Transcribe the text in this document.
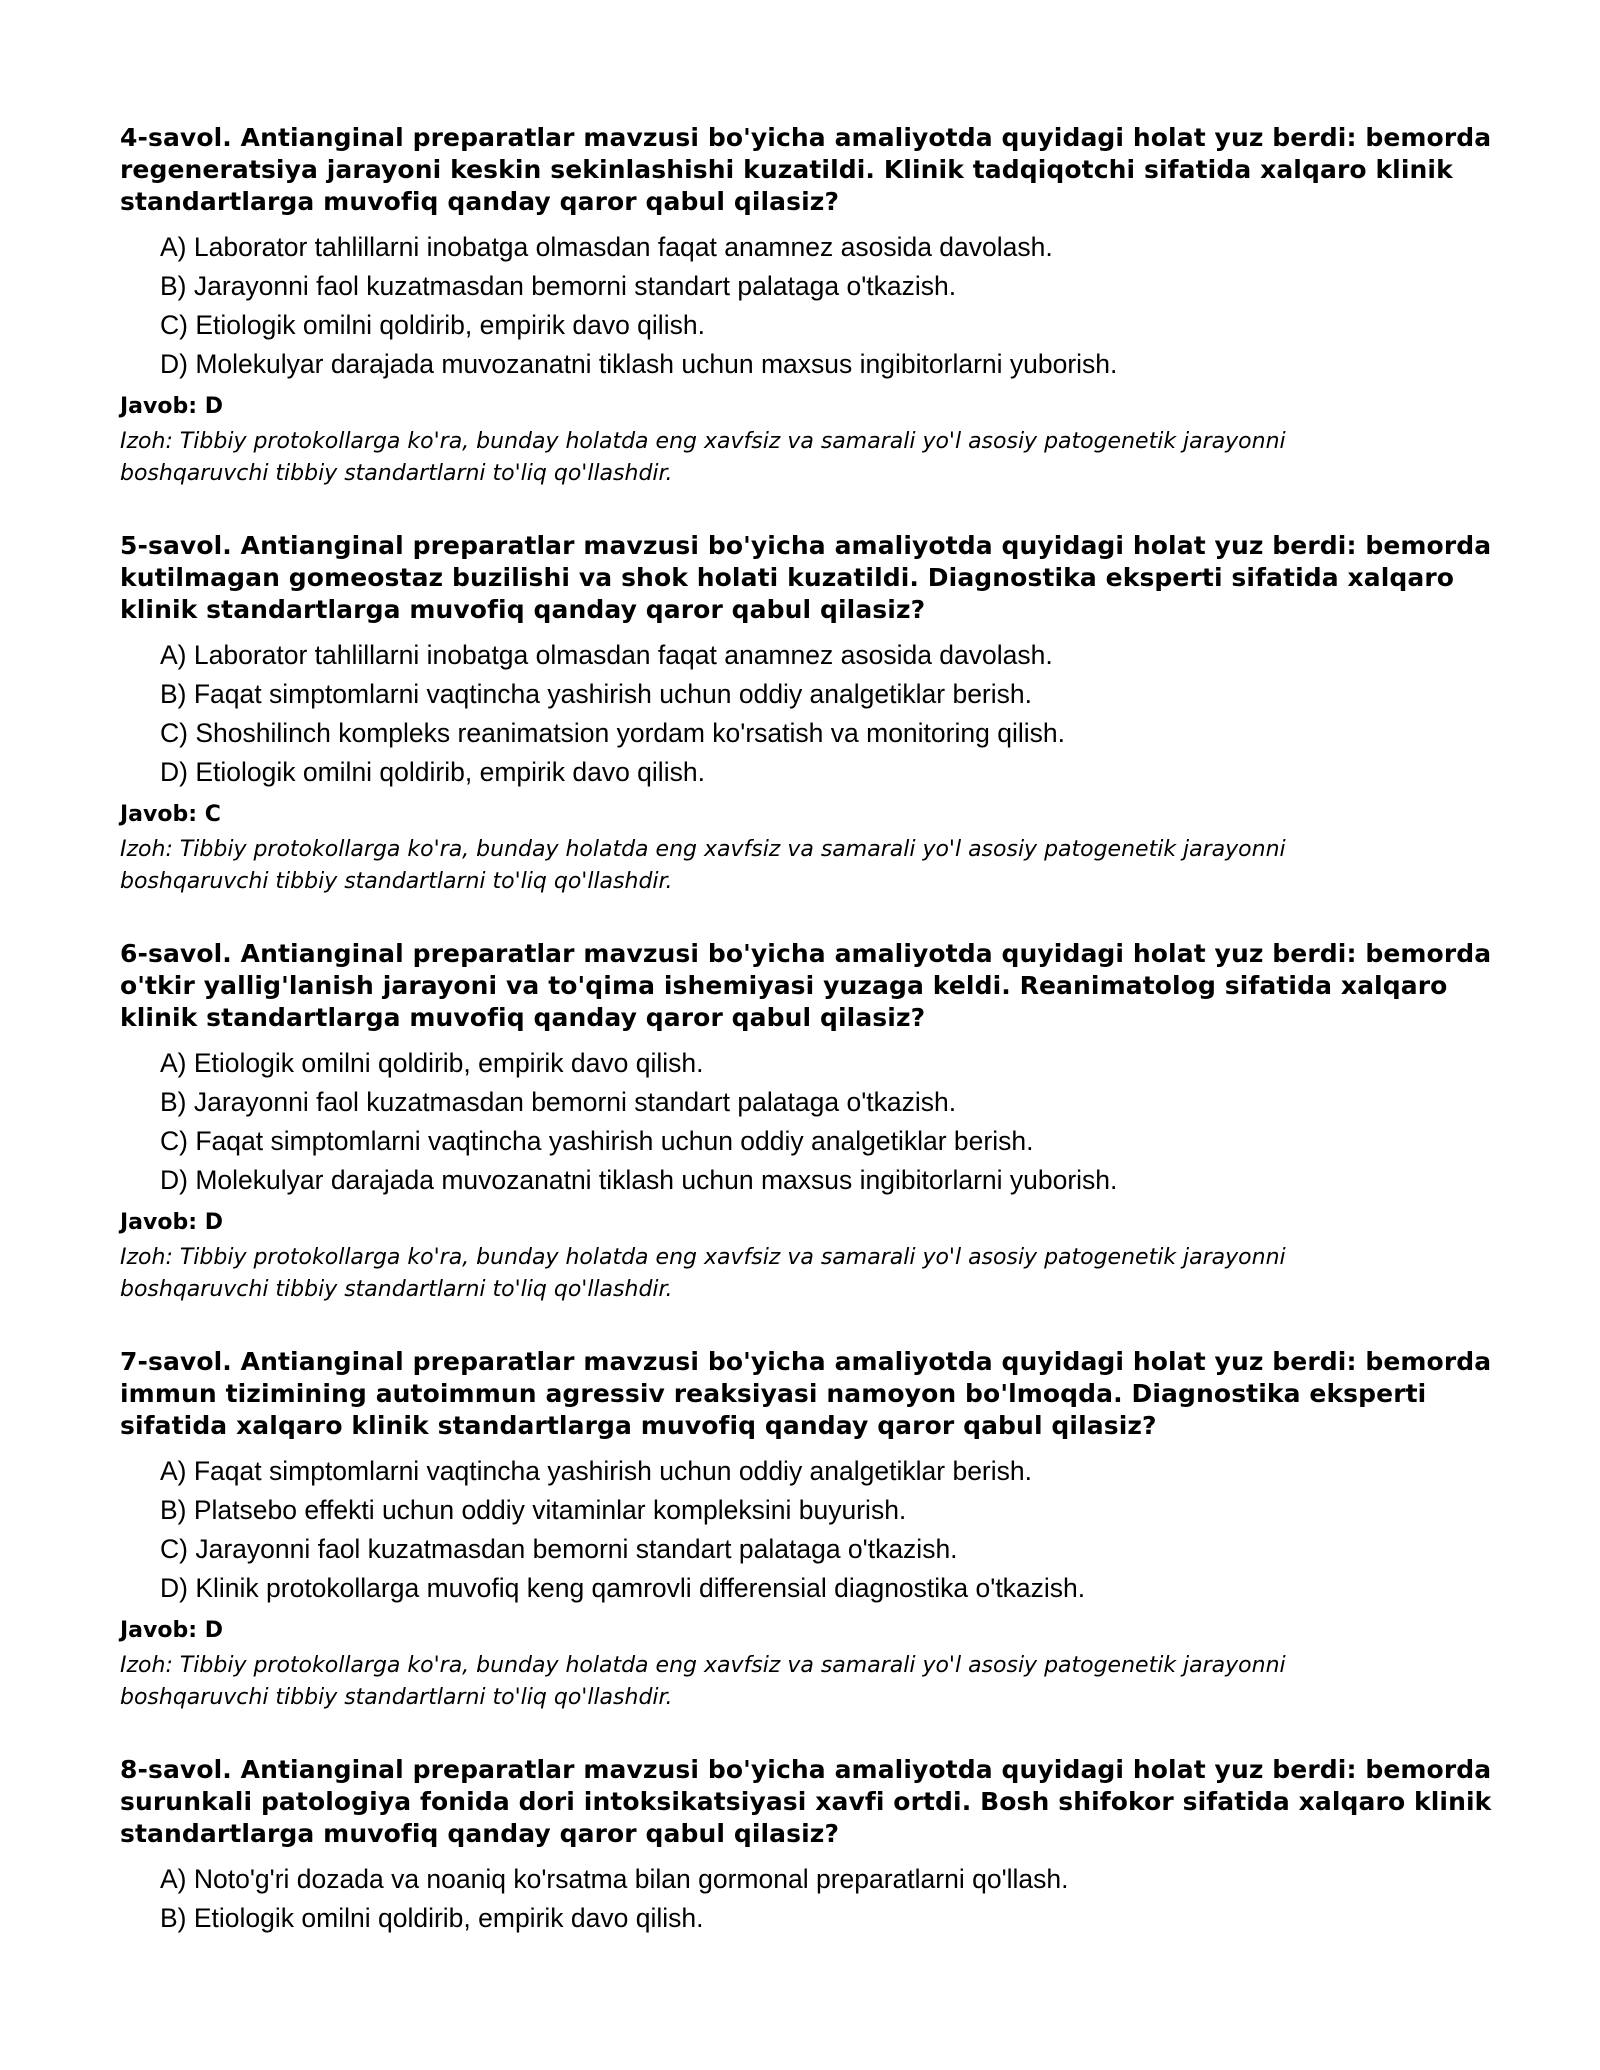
4-savol. Antianginal preparatlar mavzusi bo'yicha amaliyotda quyidagi holat yuz berdi: bemorda regeneratsiya jarayoni keskin sekinlashishi kuzatildi. Klinik tadqiqotchi sifatida xalqaro klinik standartlarga muvofiq qanday qaror qabul qilasiz?

A) Laborator tahlillarni inobatga olmasdan faqat anamnez asosida davolash.
B) Jarayonni faol kuzatmasdan bemorni standart palataga o'tkazish.
C) Etiologik omilni qoldirib, empirik davo qilish.
D) Molekulyar darajada muvozanatni tiklash uchun maxsus ingibitorlarni yuborish.

Javob: D

Izoh: Tibbiy protokollarga ko'ra, bunday holatda eng xavfsiz va samarali yo'l asosiy patogenetik jarayonni boshqaruvchi tibbiy standartlarni to'liq qo'llashdir.

5-savol. Antianginal preparatlar mavzusi bo'yicha amaliyotda quyidagi holat yuz berdi: bemorda kutilmagan gomeostaz buzilishi va shok holati kuzatildi. Diagnostika eksperti sifatida xalqaro klinik standartlarga muvofiq qanday qaror qabul qilasiz?

A) Laborator tahlillarni inobatga olmasdan faqat anamnez asosida davolash.
B) Faqat simptomlarni vaqtincha yashirish uchun oddiy analgetiklar berish.
C) Shoshilinch kompleks reanimatsion yordam ko'rsatish va monitoring qilish.
D) Etiologik omilni qoldirib, empirik davo qilish.

Javob: C

Izoh: Tibbiy protokollarga ko'ra, bunday holatda eng xavfsiz va samarali yo'l asosiy patogenetik jarayonni boshqaruvchi tibbiy standartlarni to'liq qo'llashdir.

6-savol. Antianginal preparatlar mavzusi bo'yicha amaliyotda quyidagi holat yuz berdi: bemorda o'tkir yallig'lanish jarayoni va to'qima ishemiyasi yuzaga keldi. Reanimatolog sifatida xalqaro klinik standartlarga muvofiq qanday qaror qabul qilasiz?

A) Etiologik omilni qoldirib, empirik davo qilish.
B) Jarayonni faol kuzatmasdan bemorni standart palataga o'tkazish.
C) Faqat simptomlarni vaqtincha yashirish uchun oddiy analgetiklar berish.
D) Molekulyar darajada muvozanatni tiklash uchun maxsus ingibitorlarni yuborish.

Javob: D

Izoh: Tibbiy protokollarga ko'ra, bunday holatda eng xavfsiz va samarali yo'l asosiy patogenetik jarayonni boshqaruvchi tibbiy standartlarni to'liq qo'llashdir.

7-savol. Antianginal preparatlar mavzusi bo'yicha amaliyotda quyidagi holat yuz berdi: bemorda immun tizimining autoimmun agressiv reaksiyasi namoyon bo'lmoqda. Diagnostika eksperti sifatida xalqaro klinik standartlarga muvofiq qanday qaror qabul qilasiz?

A) Faqat simptomlarni vaqtincha yashirish uchun oddiy analgetiklar berish.
B) Platsebo effekti uchun oddiy vitaminlar kompleksini buyurish.
C) Jarayonni faol kuzatmasdan bemorni standart palataga o'tkazish.
D) Klinik protokollarga muvofiq keng qamrovli differensial diagnostika o'tkazish.

Javob: D

Izoh: Tibbiy protokollarga ko'ra, bunday holatda eng xavfsiz va samarali yo'l asosiy patogenetik jarayonni boshqaruvchi tibbiy standartlarni to'liq qo'llashdir.

8-savol. Antianginal preparatlar mavzusi bo'yicha amaliyotda quyidagi holat yuz berdi: bemorda surunkali patologiya fonida dori intoksikatsiyasi xavfi ortdi. Bosh shifokor sifatida xalqaro klinik standartlarga muvofiq qanday qaror qabul qilasiz?

A) Noto'g'ri dozada va noaniq ko'rsatma bilan gormonal preparatlarni qo'llash.
B) Etiologik omilni qoldirib, empirik davo qilish.
